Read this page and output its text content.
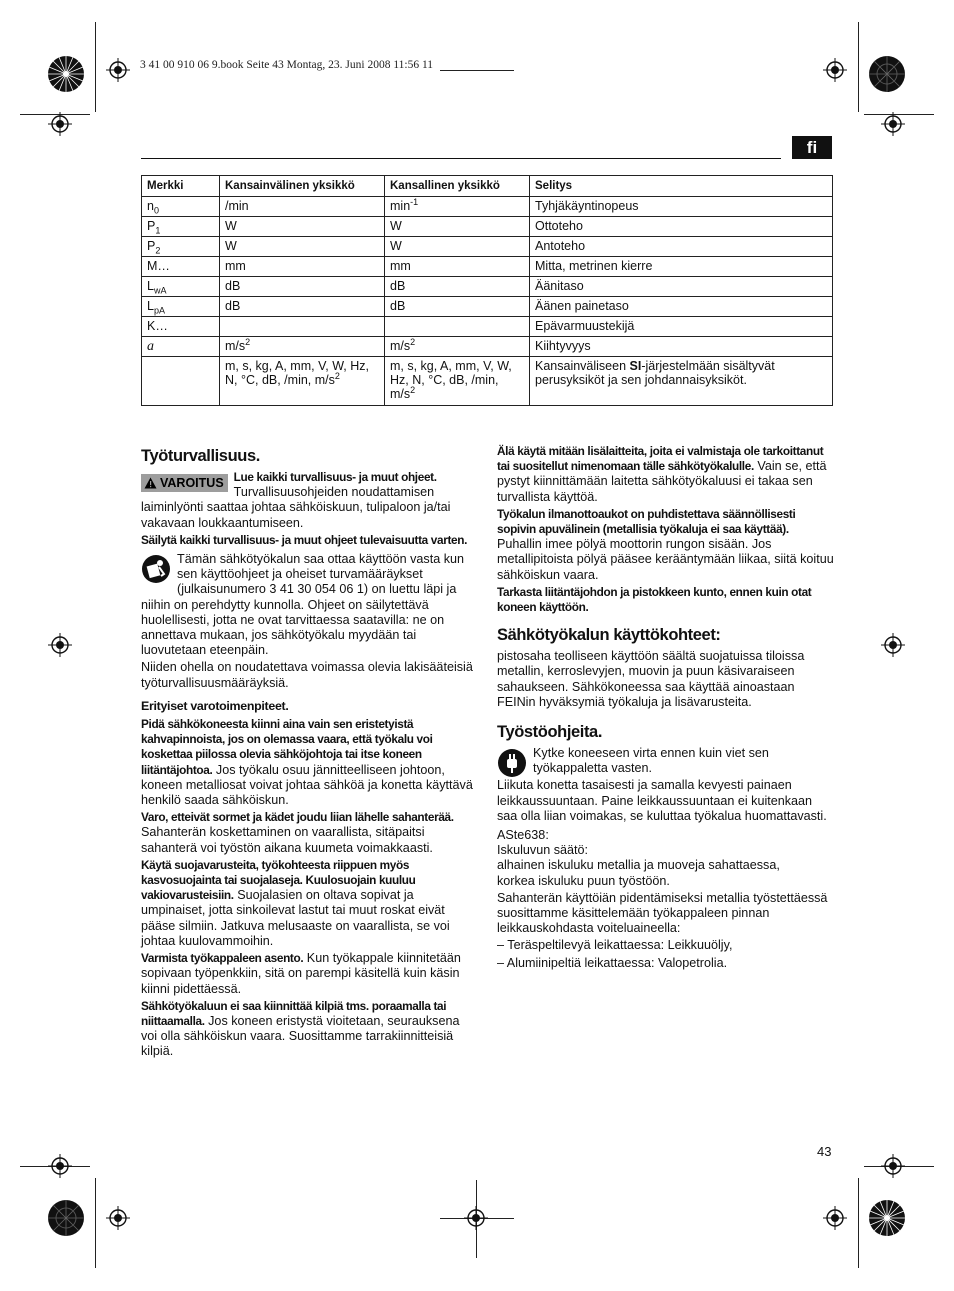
3 41 00 910 06 9.book Seite 43 Montag, 23. Juni 2008 11:56 11
fi
Merkki	Kansainvälinen yksikkö	Kansallinen yksikkö	Selitys
$n_0$	/min	$\min^{-1}$	Tyhjäkäyntinopeus
$P_1$	W	W	Ottoteho
$P_2$	W	W	Antoteho
M…	mm	mm	Mitta, metrinen kierre
$L_{wA}$	dB	dB	Äänitaso
$L_{pA}$	dB	dB	Äänen painetaso
K…			Epävarmuustekijä
a	$m/s^2$	$m/s^2$	Kiihtyvyys
	m, s, kg, A, mm, V, W, Hz, N, °C, dB, /min, $m/s^2$	m, s, kg, A, mm, V, W, Hz, N, °C, dB, /min, $m/s^2$	Kansainväliseen SI-järjestelmään sisältyvät perusyksiköt ja sen johdannaisyksiköt.
Työturvallisuus.
VAROITUS Lue kaikki turvallisuus- ja muut ohjeet. Turvallisuusohjeiden noudattamisen laiminlyönti saattaa johtaa sähköiskuun, tulipaloon ja/tai vakavaan loukkaantumiseen.

Säilytä kaikki turvallisuus- ja muut ohjeet tulevaisuutta varten.

Tämän sähkötyökalun saa ottaa käyttöön vasta kun sen käyttöohjeet ja oheiset turvamääräykset (julkaisunumero 3 41 30 054 06 1) on luettu läpi ja niihin on perehdytty kunnolla. Ohjeet on säilytettävä huolellisesti, jotta ne ovat tarvittaessa saatavilla: ne on annettava mukaan, jos sähkötyökalu myydään tai luovutetaan eteenpäin.

Niiden ohella on noudatettava voimassa olevia lakisääteisiä työturvallisuusmääräyksiä.

Erityiset varotoimenpiteet.

Pidä sähkökoneesta kiinni aina vain sen eristetyistä kahvapinnoista, jos on olemassa vaara, että työkalu voi koskettaa piilossa olevia sähköjohtoja tai itse koneen liitäntäjohtoa. Jos työkalu osuu jännitteelliseen johtoon, koneen metalliosat voivat johtaa sähköä ja konetta käyttävä henkilö saada sähköiskun.

Varo, etteivät sormet ja kädet joudu liian lähelle sahanterää. Sahanterän koskettaminen on vaarallista, sitäpaitsi sahanterä voi työstön aikana kuumeta voimakkaasti.

Käytä suojavarusteita, työkohteesta riippuen myös kasvosuojainta tai suojalaseja. Kuulosuojain kuuluu vakiovarusteisiin. Suojalasien on oltava sopivat ja umpinaiset, jotta sinkoilevat lastut tai muut roskat eivät pääse silmiin. Jatkuva melusaaste on vaarallista, se voi johtaa kuulovammoihin.

Varmista työkappaleen asento. Kun työkappale kiinnitetään sopivaan työpenkkiin, sitä on parempi käsitellä kuin käsin kiinni pidettäessä.

Sähkötyökaluun ei saa kiinnittää kilpiä tms. poraamalla tai niittaamalla. Jos koneen eristystä vioitetaan, seurauksena voi olla sähköiskun vaara. Suosittamme tarrakiinnitteisiä kilpiä.

Älä käytä mitään lisälaitteita, joita ei valmistaja ole tarkoittanut tai suositellut nimenomaan tälle sähkötyökalulle. Vain se, että pystyt kiinnittämään laitetta sähkötyökaluusi ei takaa sen turvallista käyttöä.

Työkalun ilmanottoaukot on puhdistettava säännöllisesti sopivin apuvälinein (metallisia työkaluja ei saa käyttää). Puhallin imee pölyä moottorin rungon sisään. Jos metallipitoista pölyä pääsee kerääntymään liikaa, siitä koituu sähköiskun vaara.

Tarkasta liitäntäjohdon ja pistokkeen kunto, ennen kuin otat koneen käyttöön.

Sähkötyökalun käyttökohteet:

pistosaha teolliseen käyttöön säältä suojatuissa tiloissa metallin, kerroslevyjen, muovin ja puun käsivaraiseen sahaukseen. Sähkökoneessa saa käyttää ainoastaan FEINin hyväksymiä työkaluja ja lisävarusteita.

Työstöohjeita.

Kytke koneeseen virta ennen kuin viet sen työkappaletta vasten.

Liikuta konetta tasaisesti ja samalla kevyesti painaen leikkaussuuntaan. Paine leikkaussuuntaan ei kuitenkaan saa olla liian voimakas, se kuluttaa työkalua huomattavasti.

ASte638:

Iskuluvun säätö:

alhainen iskuluku metallia ja muoveja sahattaessa,

korkea iskuluku puun työstöön.

Sahanterän käyttöiän pidentämiseksi metallia työstettäessä suosittamme käsittelemään työkappaleen pinnan leikkauskohdasta voiteluaineella:

– Teräspeltilevyä leikattaessa: Leikkuuöljy,

– Alumiinipeltiä leikattaessa: Valopetrolia.

43
